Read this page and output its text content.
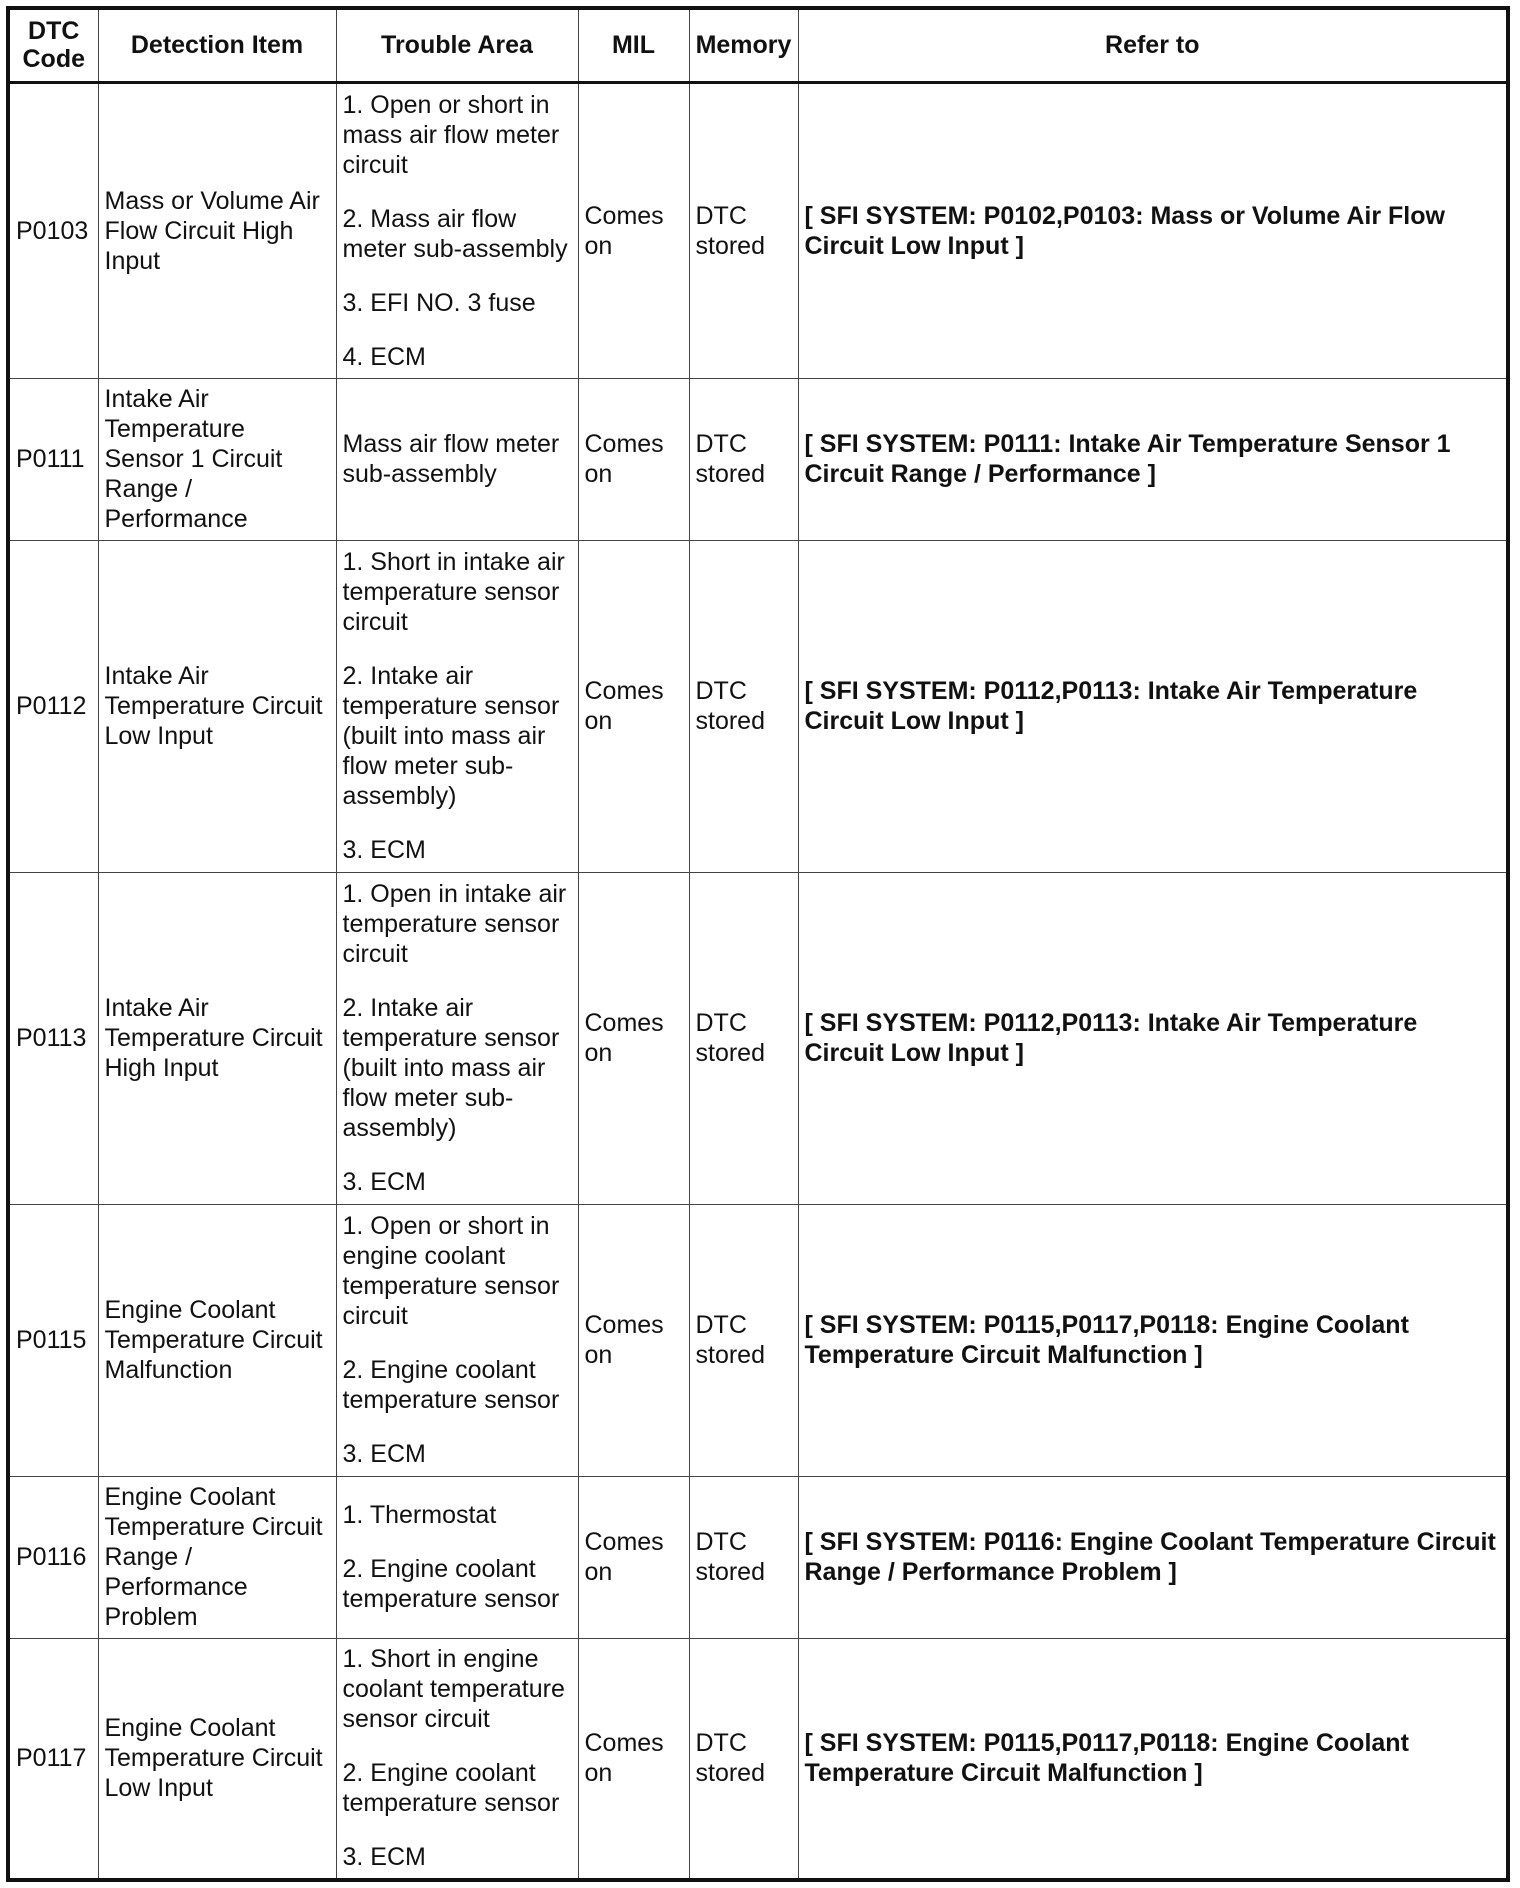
DTC
Code	Detection Item	Trouble Area	MIL	Memory	Refer to
P0103	Mass or Volume Air Flow Circuit High Input	1. Open or short in mass air flow meter circuit

2. Mass air flow meter sub-assembly

3. EFI NO. 3 fuse

4. ECM	Comes on	DTC stored	[ SFI SYSTEM: P0102,P0103: Mass or Volume Air Flow Circuit Low Input ]
P0111	Intake Air Temperature Sensor 1 Circuit Range / Performance	Mass air flow meter sub-assembly	Comes on	DTC stored	[ SFI SYSTEM: P0111: Intake Air Temperature Sensor 1 Circuit Range / Performance ]
P0112	Intake Air Temperature Circuit Low Input	1. Short in intake air temperature sensor circuit

2. Intake air temperature sensor (built into mass air flow meter sub-assembly)

3. ECM	Comes on	DTC stored	[ SFI SYSTEM: P0112,P0113: Intake Air Temperature Circuit Low Input ]
P0113	Intake Air Temperature Circuit High Input	1. Open in intake air temperature sensor circuit

2. Intake air temperature sensor (built into mass air flow meter sub-assembly)

3. ECM	Comes on	DTC stored	[ SFI SYSTEM: P0112,P0113: Intake Air Temperature Circuit Low Input ]
P0115	Engine Coolant Temperature Circuit Malfunction	1. Open or short in engine coolant temperature sensor circuit

2. Engine coolant temperature sensor

3. ECM	Comes on	DTC stored	[ SFI SYSTEM: P0115,P0117,P0118: Engine Coolant Temperature Circuit Malfunction ]
P0116	Engine Coolant Temperature Circuit Range / Performance Problem	1. Thermostat

2. Engine coolant temperature sensor	Comes on	DTC stored	[ SFI SYSTEM: P0116: Engine Coolant Temperature Circuit Range / Performance Problem ]
P0117	Engine Coolant Temperature Circuit Low Input	1. Short in engine coolant temperature sensor circuit

2. Engine coolant temperature sensor

3. ECM	Comes on	DTC stored	[ SFI SYSTEM: P0115,P0117,P0118: Engine Coolant Temperature Circuit Malfunction ]
